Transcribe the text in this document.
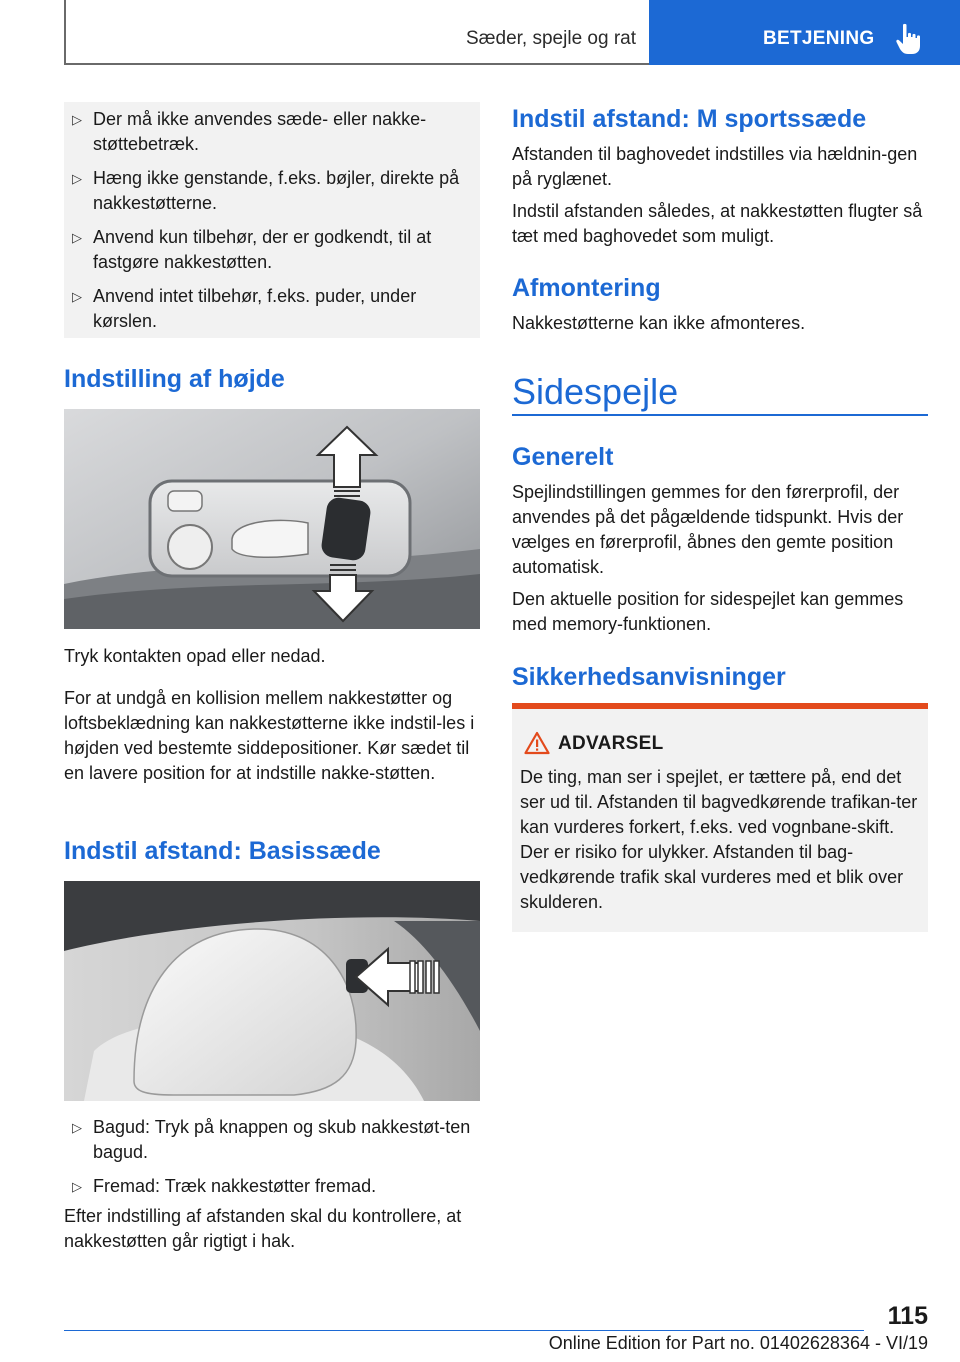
Sæder, spejle og rat	BETJENING
▷ Der må ikke anvendes sæde- eller nakke-støttebetræk.
▷ Hæng ikke genstande, f.eks. bøjler, direkte på nakkestøtterne.
▷ Anvend kun tilbehør, der er godkendt, til at fastgøre nakkestøtten.
▷ Anvend intet tilbehør, f.eks. puder, under kørslen.
Indstilling af højde

Tryk kontakten opad eller nedad.

For at undgå en kollision mellem nakkestøtter og loftsbeklædning kan nakkestøtterne ikke indstil-les i højden ved bestemte siddepositioner. Kør sædet til en lavere position for at indstille nakke-støtten.

Indstil afstand: Basissæde
▷ Bagud: Tryk på knappen og skub nakkestøt-ten bagud.
▷ Fremad: Træk nakkestøtter fremad.

Efter indstilling af afstanden skal du kontrollere, at nakkestøtten går rigtigt i hak.

Indstil afstand: M sportssæde

Afstanden til baghovedet indstilles via hældnin-gen på ryglænet.

Indstil afstanden således, at nakkestøtten flugter så tæt med baghovedet som muligt.

Afmontering

Nakkestøtterne kan ikke afmonteres.

Sidespejle
Generelt

Spejlindstillingen gemmes for den førerprofil, der anvendes på det pågældende tidspunkt. Hvis der vælges en førerprofil, åbnes den gemte position automatisk.

Den aktuelle position for sidespejlet kan gemmes med memory-funktionen.

Sikkerhedsanvisninger
ADVARSEL

De ting, man ser i spejlet, er tættere på, end det ser ud til. Afstanden til bagvedkørende trafikan-ter kan vurderes forkert, f.eks. ved vognbane-skift. Der er risiko for ulykker. Afstanden til bag-vedkørende trafik skal vurderes med et blik over skulderen.

115
Online Edition for Part no. 01402628364 - VI/19
